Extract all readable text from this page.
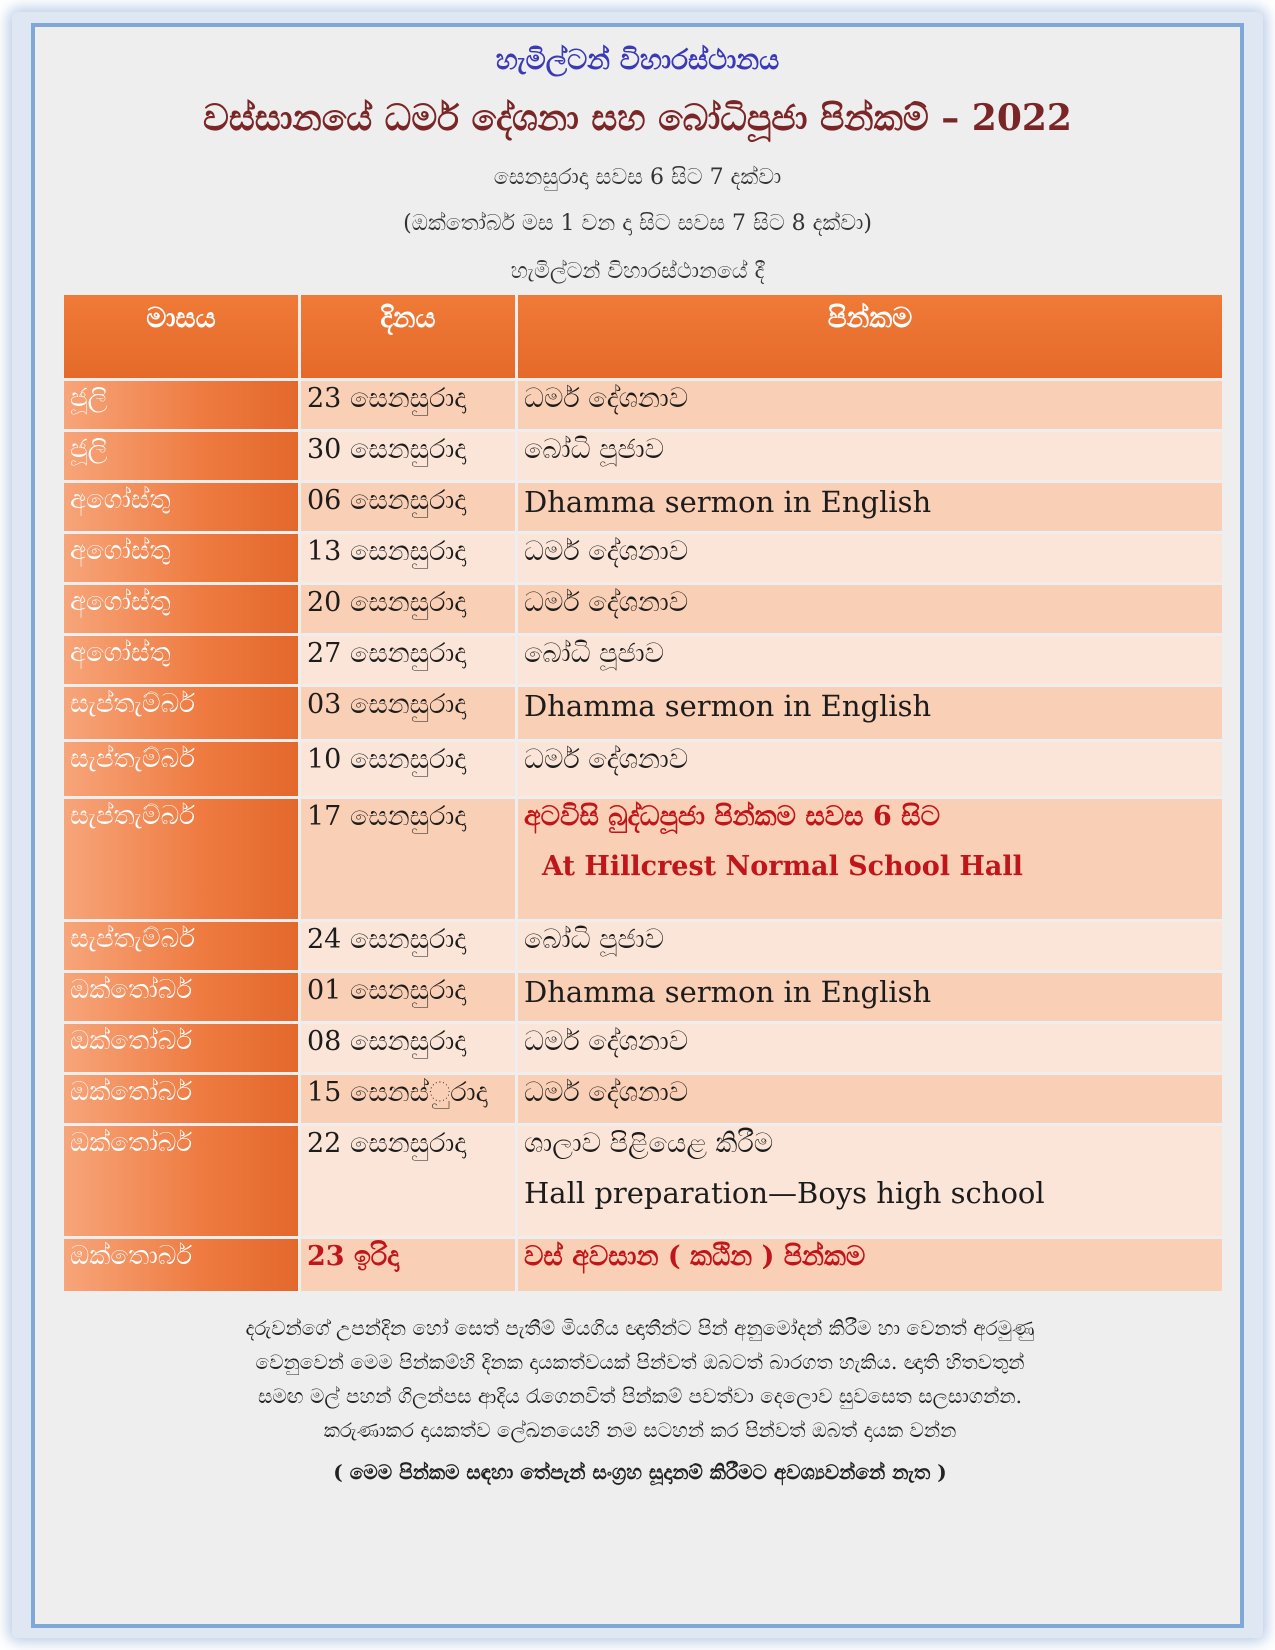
හැමිල්ටන් විහාරස්ථානය
වස්සානයේ ධර්ම දේශනා සහ බෝධිපූජා පින්කම් – 2022
සෙනසුරාදා සවස 6 සිට 7 දක්වා
(ඔක්තෝබර් මස 1 වන දා සිට සවස 7 සිට 8 දක්වා)
හැමිල්ටන් විහාරස්ථානයේ දී
මාසය	දිනය	පින්කම
ජූලි	23 සෙනසුරාදා	ධර්ම දේශනාව
ජූලි	30 සෙනසුරාදා	බෝධි පූජාව
අගෝස්තු	06 සෙනසුරාදා	Dhamma sermon in English
අගෝස්තු	13 සෙනසුරාදා	ධර්ම දේශනාව
අගෝස්තු	20 සෙනසුරාදා	ධර්ම දේශනාව
අගෝස්තු	27 සෙනසුරාදා	බෝධි පූජාව
සැප්තැම්බර්	03 සෙනසුරාදා	Dhamma sermon in English
සැප්තැම්බර්	10 සෙනසුරාදා	ධර්ම දේශනාව
සැප්තැම්බර්	17 සෙනසුරාදා	අටවිසි බුද්ධපූජා පින්කම සවස 6 සිට
At Hillcrest Normal School Hall

සැප්තැම්බර්	24 සෙනසුරාදා	බෝධි පූජාව
ඔක්තෝබර්	01 සෙනසුරාදා	Dhamma sermon in English
ඔක්තෝබර්	08 සෙනසුරාදා	ධර්ම දේශනාව
ඔක්තෝබර්	15 සෙනස්ුරාදා	ධර්ම දේශනාව
ඔක්තෝබර්	22 සෙනසුරාදා	ශාලාව පිළියෙළ කිරීම
Hall preparation—Boys high school

ඔක්තොබර්	23 ඉරිදා	වස් අවසාන ( කඨින ) පින්කම
දරුවන්ගේ උපන්දින හෝ සෙත් පැතීම් මියගිය ඥාතීන්ට පින් අනුමෝදන් කිරීම හා වෙනත් අරමුණු
වෙනුවෙන් මෙම පින්කම්හි දිනක දායකත්වයක් පින්වත් ඔබටත් බාරගත හැකිය. ඥාති හිතවතුන්
සමඟ මල් පහන් ගිලන්පස ආදිය රැගෙනවිත් පින්කම් පවත්වා දෙලොව සුවසෙත සලසාගන්න.
කරුණාකර දායකත්ව ලේඛනයෙහි නම සටහන් කර පින්වත් ඔබත් දායක වන්න
( මෙම පින්කම සඳහා තේපැන් සංග්‍රහ සූදානම් කිරීමට අවශ්‍යවන්නේ නැත )
